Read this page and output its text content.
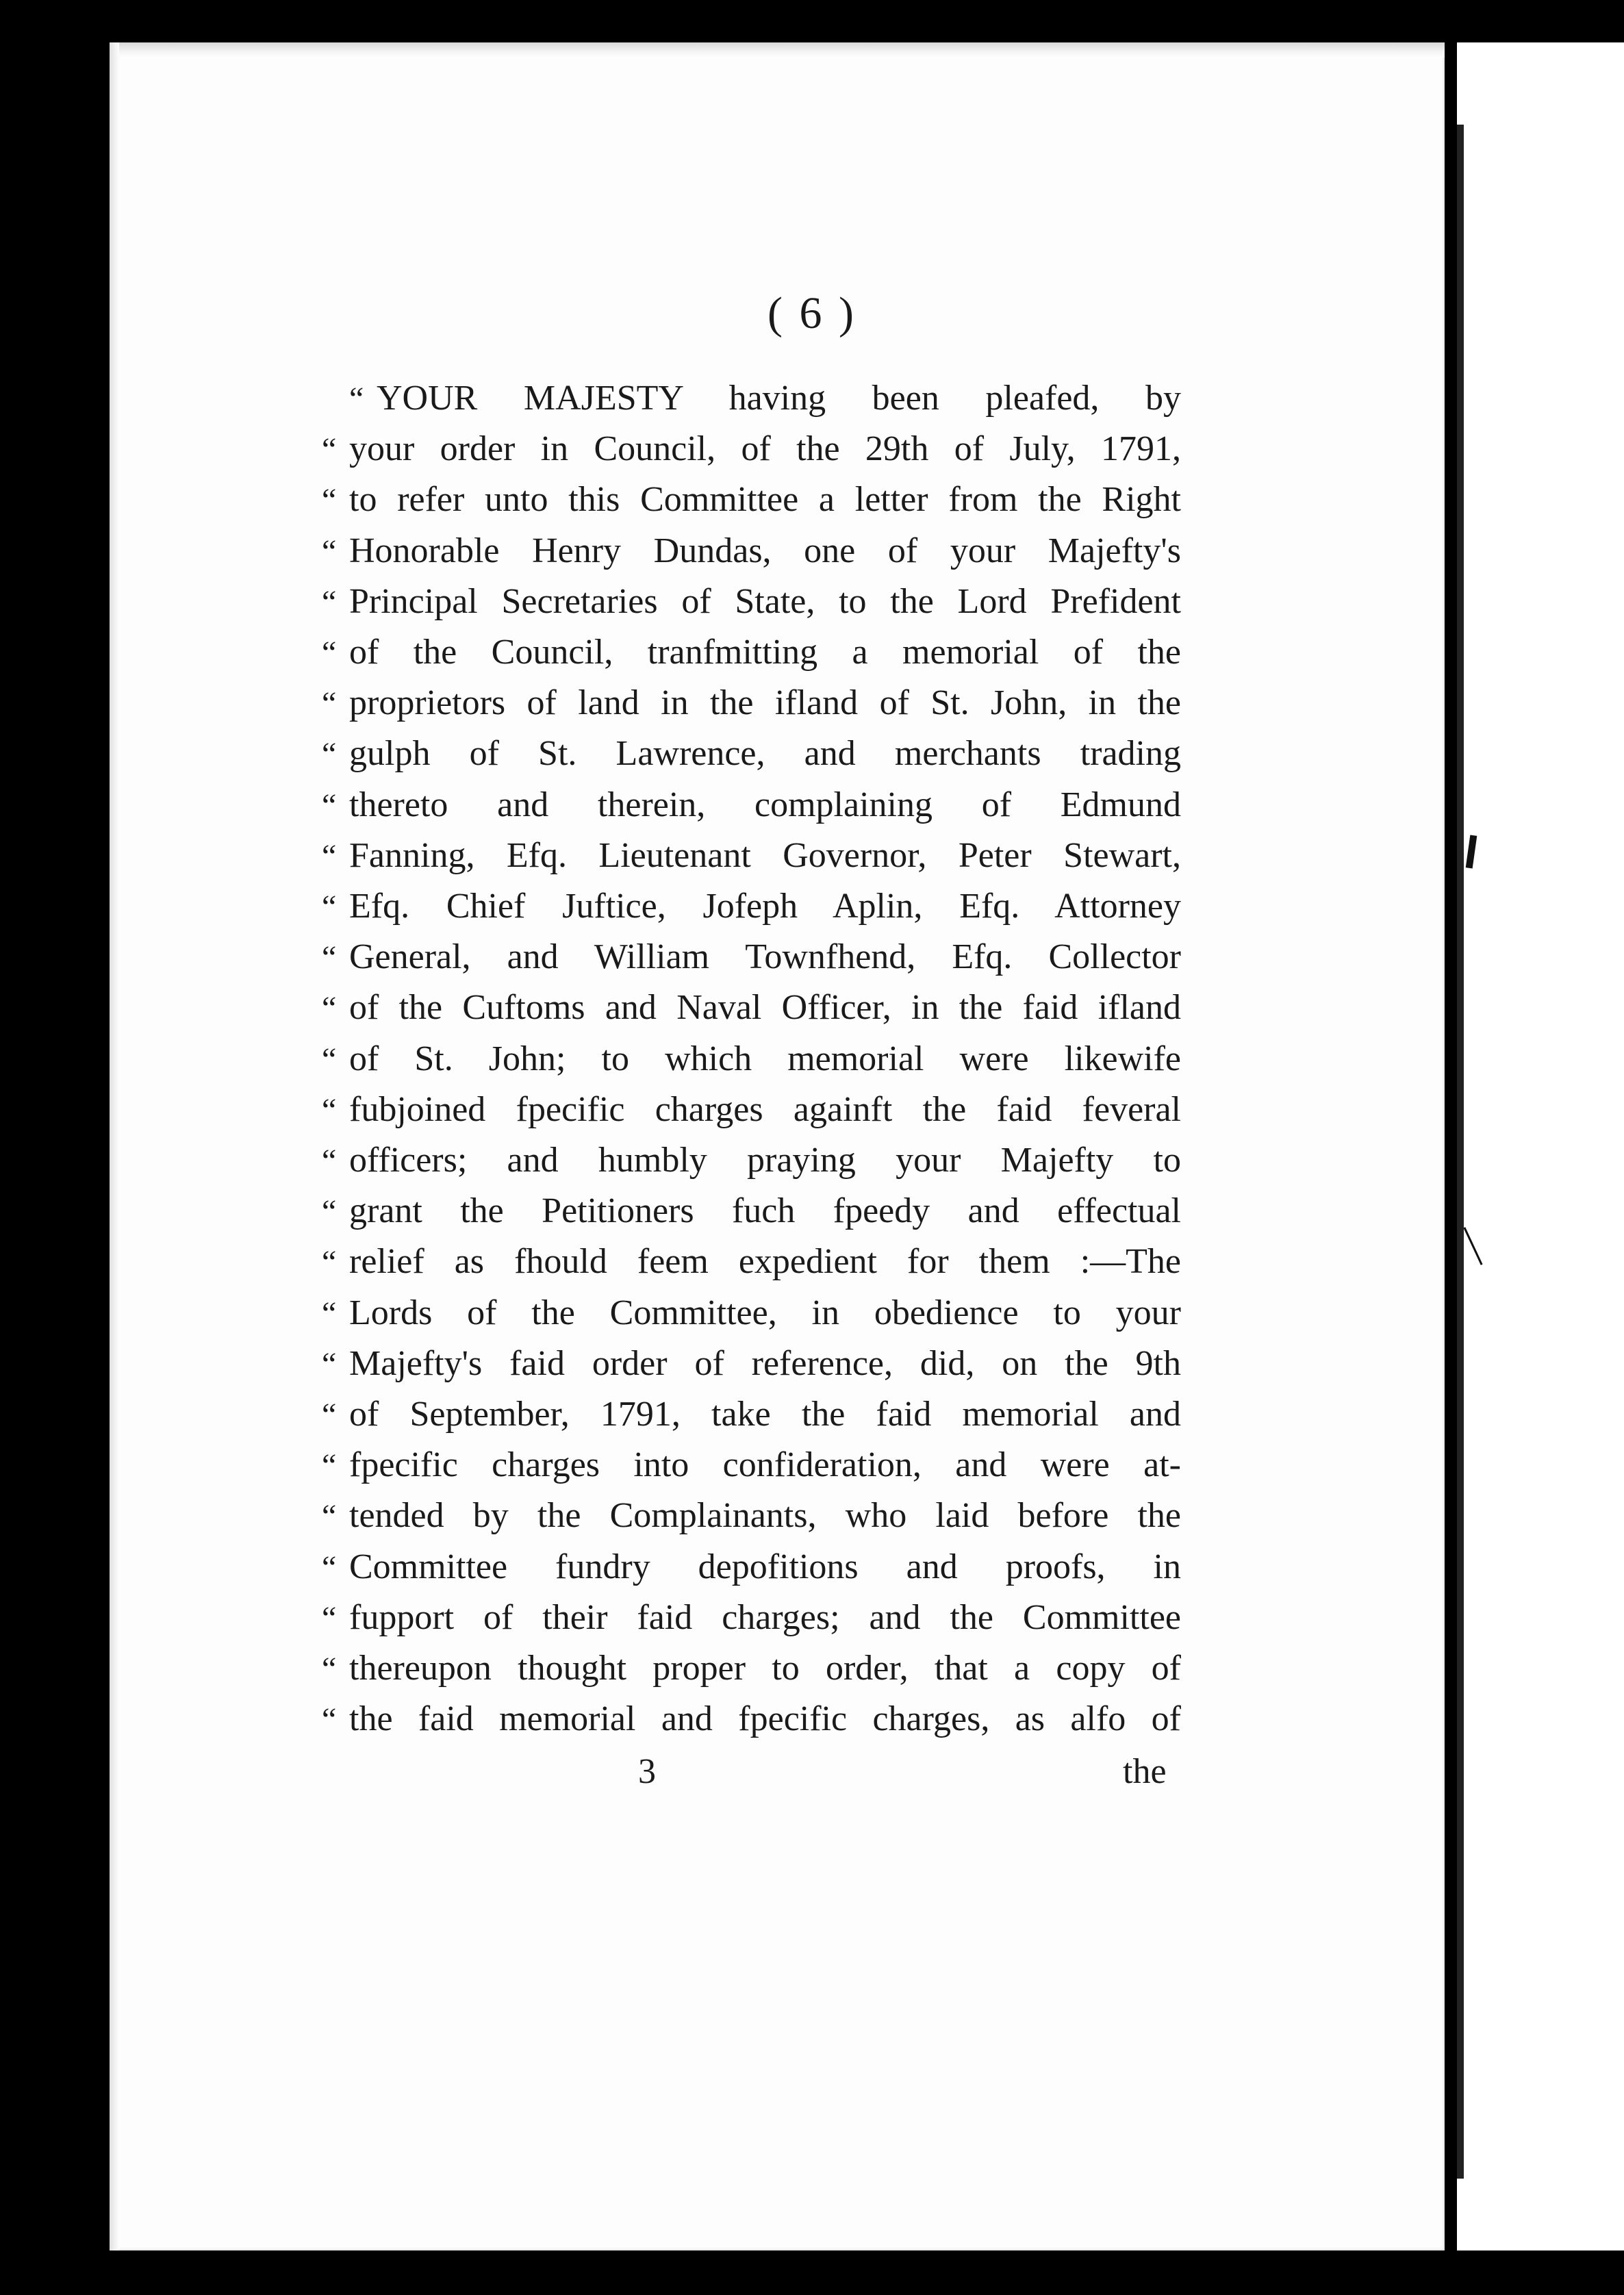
( 6 )
“ YOUR MAJESTY having been pleafed, by
“ your order in Council, of the 29th of July, 1791,
“ to refer unto this Committee a letter from the Right
“ Honorable Henry Dundas, one of your Majefty's
“ Principal Secretaries of State, to the Lord Prefident
“ of the Council, tranfmitting a memorial of the
“ proprietors of land in the ifland of St. John, in the
“ gulph of St. Lawrence, and merchants trading
“ thereto and therein, complaining of Edmund
“ Fanning, Efq. Lieutenant Governor, Peter Stewart,
“ Efq. Chief Juftice, Jofeph Aplin, Efq. Attorney
“ General, and William Townfhend, Efq. Collector
“ of the Cuftoms and Naval Officer, in the faid ifland
“ of St. John; to which memorial were likewife
“ fubjoined fpecific charges againft the faid feveral
“ officers; and humbly praying your Majefty to
“ grant the Petitioners fuch fpeedy and effectual
“ relief as fhould feem expedient for them :—The
“ Lords of the Committee, in obedience to your
“ Majefty's faid order of reference, did, on the 9th
“ of September, 1791, take the faid memorial and
“ fpecific charges into confideration, and were at-
“ tended by the Complainants, who laid before the
“ Committee fundry depofitions and proofs, in
“ fupport of their faid charges; and the Committee
“ thereupon thought proper to order, that a copy of
“ the faid memorial and fpecific charges, as alfo of
3	the
